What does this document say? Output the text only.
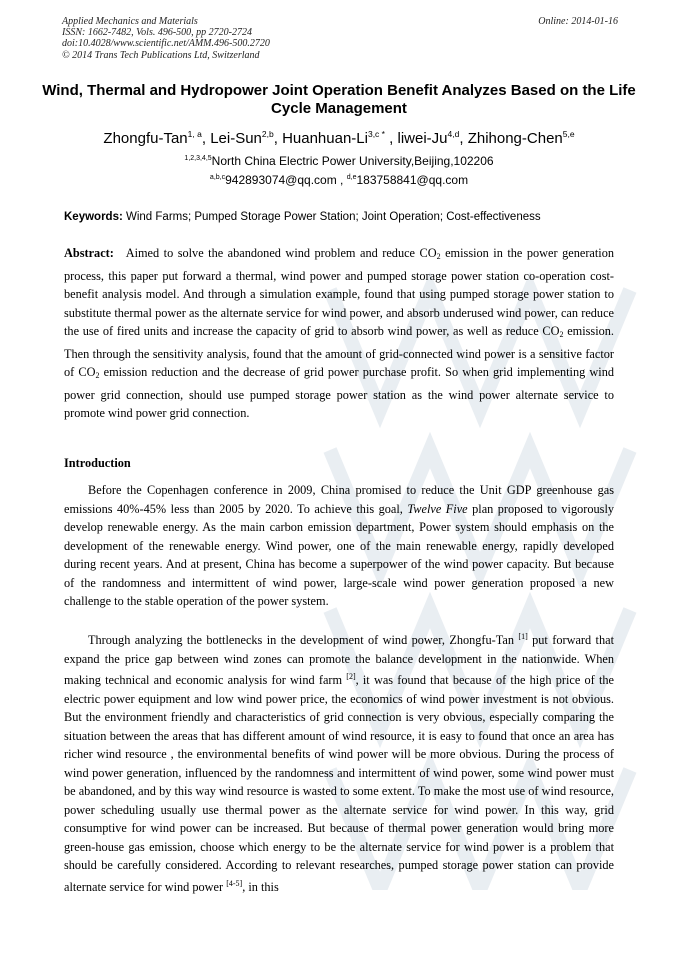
Applied Mechanics and Materials
ISSN: 1662-7482, Vols. 496-500, pp 2720-2724
doi:10.4028/www.scientific.net/AMM.496-500.2720
© 2014 Trans Tech Publications Ltd, Switzerland
Online: 2014-01-16
Wind, Thermal and Hydropower Joint Operation Benefit Analyzes Based on the Life Cycle Management
Zhongfu-Tan$^{1, a}$, Lei-Sun$^{2,b}$, Huanhuan-$Li^{3,c *}$ , liwei-Ju$^{4,d}$, Zhihong-Chen$^{5,e}$
$^{1,2,3,4,5}$North China Electric Power University,Beijing,102206
$^{a,b,c}$942893074@qq.com , $^{d,e}$183758841@qq.com
Keywords: Wind Farms; Pumped Storage Power Station; Joint Operation; Cost-effectiveness
Abstract: Aimed to solve the abandoned wind problem and reduce $CO_2$ emission in the power generation process, this paper put forward a thermal, wind power and pumped storage power station co-operation cost-benefit analysis model. And through a simulation example, found that using pumped storage power station to substitute thermal power as the alternate service for wind power, and absorb underused wind power, can reduce the use of fired units and increase the capacity of grid to absorb wind power, as well as reduce $CO_2$ emission. Then through the sensitivity analysis, found that the amount of grid-connected wind power is a sensitive factor of $CO_2$ emission reduction and the decrease of grid power purchase profit. So when grid implementing wind power grid connection, should use pumped storage power station as the wind power alternate service to promote wind power grid connection.
Introduction
Before the Copenhagen conference in 2009, China promised to reduce the Unit GDP greenhouse gas emissions 40%-45% less than 2005 by 2020. To achieve this goal, Twelve Five plan proposed to vigorously develop renewable energy. As the main carbon emission department, Power system should emphasis on the development of the renewable energy. Wind power, one of the main renewable energy, rapidly developed during recent years. And at present, China has become a superpower of the wind power capacity. But because of the randomness and intermittent of wind power, large-scale wind power generation proposed a new challenge to the stable operation of the power system.
Through analyzing the bottlenecks in the development of wind power, Zhongfu-Tan [1] put forward that expand the price gap between wind zones can promote the balance development in the nationwide. When making technical and economic analysis for wind farm [2], it was found that because of the high price of the electric power equipment and low wind power price, the economics of wind power investment is not obvious. But the environment friendly and characteristics of grid connection is very obvious, especially comparing the situation between the areas that has different amount of wind resource, it is easy to found that once an area has richer wind resource , the environmental benefits of wind power will be more obvious. During the process of wind power generation, influenced by the randomness and intermittent of wind power, some wind power must be abandoned, and by this way wind resource is wasted to some extent. To make the most use of wind resource, power scheduling usually use thermal power as the alternate service for wind power. In this way, grid consumptive for wind power can be increased. But because of thermal power generation would bring more green-house gas emission, choose which energy to be the alternate service for wind power is a problem that should be carefully considered. According to relevant researches, pumped storage power station can provide alternate service for wind power [4-5], in this
